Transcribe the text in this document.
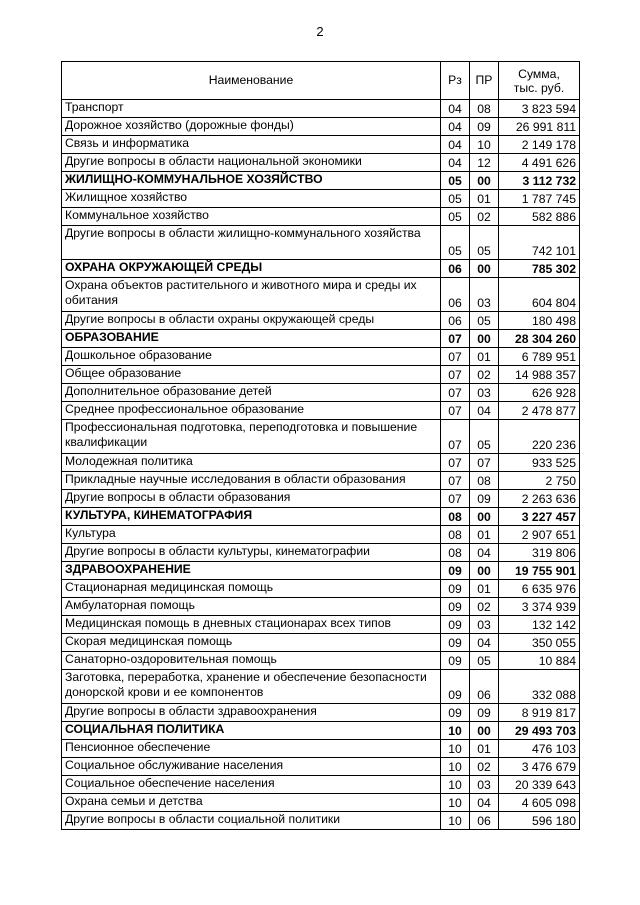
2
Наименование	Рз	ПР	Сумма,
тыс. руб.

Транспорт	04	08	3 823 594
Дорожное хозяйство (дорожные фонды)	04	09	26 991 811
Связь и информатика	04	10	2 149 178
Другие вопросы в области национальной экономики	04	12	4 491 626
ЖИЛИЩНО-КОММУНАЛЬНОЕ ХОЗЯЙСТВО	05	00	3 112 732
Жилищное хозяйство	05	01	1 787 745
Коммунальное хозяйство	05	02	582 886
Другие вопросы в области жилищно-коммунального хозяйства	05	05	742 101
ОХРАНА ОКРУЖАЮЩЕЙ СРЕДЫ	06	00	785 302
Охрана объектов растительного и животного мира и среды их обитания	06	03	604 804
Другие вопросы в области охраны окружающей среды	06	05	180 498
ОБРАЗОВАНИЕ	07	00	28 304 260
Дошкольное образование	07	01	6 789 951
Общее образование	07	02	14 988 357
Дополнительное образование детей	07	03	626 928
Среднее профессиональное образование	07	04	2 478 877
Профессиональная подготовка, переподготовка и повышение квалификации	07	05	220 236
Молодежная политика	07	07	933 525
Прикладные научные исследования в области образования	07	08	2 750
Другие вопросы в области образования	07	09	2 263 636
КУЛЬТУРА, КИНЕМАТОГРАФИЯ	08	00	3 227 457
Культура	08	01	2 907 651
Другие вопросы в области культуры, кинематографии	08	04	319 806
ЗДРАВООХРАНЕНИЕ	09	00	19 755 901
Стационарная медицинская помощь	09	01	6 635 976
Амбулаторная помощь	09	02	3 374 939
Медицинская помощь в дневных стационарах всех типов	09	03	132 142
Скорая медицинская помощь	09	04	350 055
Санаторно-оздоровительная помощь	09	05	10 884
Заготовка, переработка, хранение и обеспечение безопасности донорской крови и ее компонентов	09	06	332 088
Другие вопросы в области здравоохранения	09	09	8 919 817
СОЦИАЛЬНАЯ ПОЛИТИКА	10	00	29 493 703
Пенсионное обеспечение	10	01	476 103
Социальное обслуживание населения	10	02	3 476 679
Социальное обеспечение населения	10	03	20 339 643
Охрана семьи и детства	10	04	4 605 098
Другие вопросы в области социальной политики	10	06	596 180
